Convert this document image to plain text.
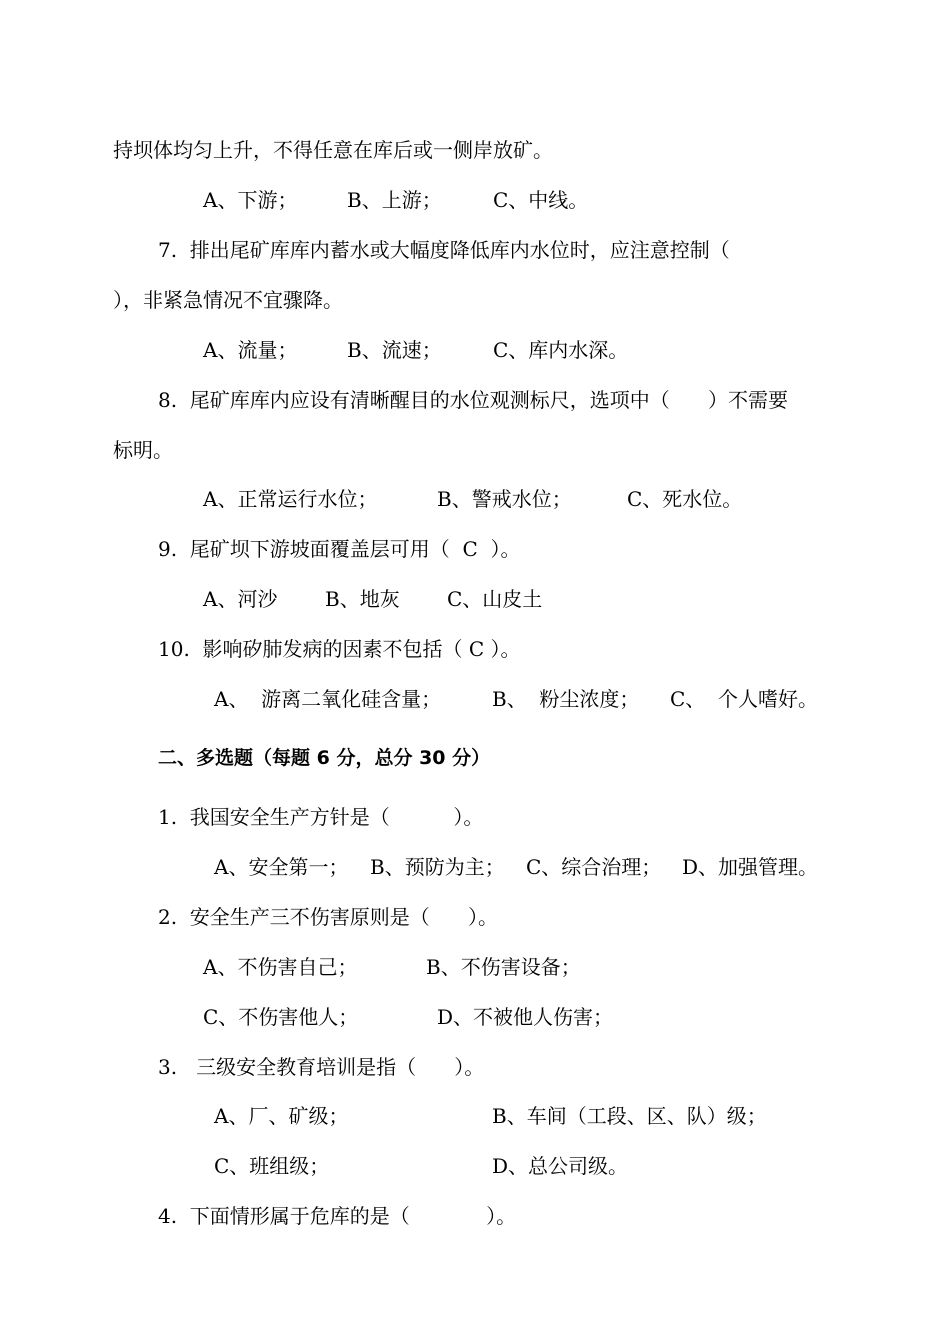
持坝体均匀上升，不得任意在库后或一侧岸放矿。
A、下游； B、上游；	C、中线。
7.  排出尾矿库库内蓄水或大幅度降低库内水位时，应注意控制（
），非紧急情况不宜骤降。
A、流量； B、流速；	C、库内水深。
8.  尾矿库库内应设有清晰醒目的水位观测标尺，选项中（      ）不需要
标明。
A、正常运行水位；	B、警戒水位；	C、死水位。
9.  尾矿坝下游坡面覆盖层可用（  C  ）。
A、河沙 B、地灰 C、山皮土
10.  影响矽肺发病的因素不包括（ C ）。
A、  游离二氧化硅含量；	B、  粉尘浓度； C、  个人嗜好。
二、多选题（每题 6 分，总分 30 分）
1.  我国安全生产方针是（          ）。
A、安全第一； B、预防为主； C、综合治理； D、加强管理。
2.  安全生产三不伤害原则是（      ）。
A、不伤害自己；	B、不伤害设备；
C、不伤害他人；	D、不被他人伤害；
3.   三级安全教育培训是指（      ）。
A、厂、矿级；	B、车间（工段、区、队）级；
C、班组级；	D、总公司级。
4.  下面情形属于危库的是（            ）。
